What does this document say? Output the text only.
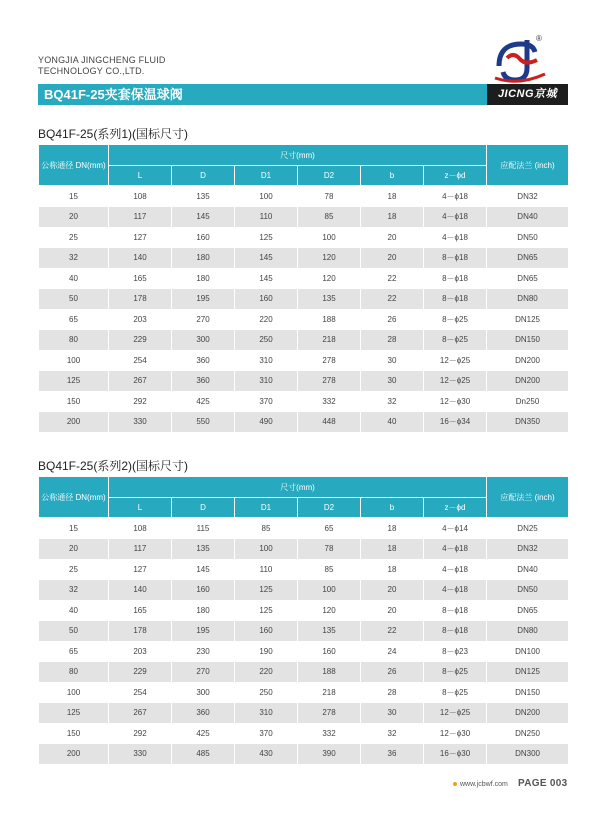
YONGJIA JINGCHENG FLUID
TECHNOLOGY CO.,LTD.
®
BQ41F-25夹套保温球阀	JICNG京城
BQ41F-25(系列1)(国标尺寸)
公称通径 DN(mm)	尺寸(mm)						应配法兰 (inch)
	L	D	D1	D2	b	z－ϕd	
15	108	135	100	78	18	4－ϕ18	DN32
20	117	145	110	85	18	4－ϕ18	DN40
25	127	160	125	100	20	4－ϕ18	DN50
32	140	180	145	120	20	8－ϕ18	DN65
40	165	180	145	120	22	8－ϕ18	DN65
50	178	195	160	135	22	8－ϕ18	DN80
65	203	270	220	188	26	8－ϕ25	DN125
80	229	300	250	218	28	8－ϕ25	DN150
100	254	360	310	278	30	12－ϕ25	DN200
125	267	360	310	278	30	12－ϕ25	DN200
150	292	425	370	332	32	12－ϕ30	Dn250
200	330	550	490	448	40	16－ϕ34	DN350
BQ41F-25(系列2)(国标尺寸)
公称通径 DN(mm)	尺寸(mm)						应配法兰 (inch)
	L	D	D1	D2	b	z－ϕd	
15	108	115	85	65	18	4－ϕ14	DN25
20	117	135	100	78	18	4－ϕ18	DN32
25	127	145	110	85	18	4－ϕ18	DN40
32	140	160	125	100	20	4－ϕ18	DN50
40	165	180	125	120	20	8－ϕ18	DN65
50	178	195	160	135	22	8－ϕ18	DN80
65	203	230	190	160	24	8－ϕ23	DN100
80	229	270	220	188	26	8－ϕ25	DN125
100	254	300	250	218	28	8－ϕ25	DN150
125	267	360	310	278	30	12－ϕ25	DN200
150	292	425	370	332	32	12－ϕ30	DN250
200	330	485	430	390	36	16－ϕ30	DN300
www.jcbwf.com PAGE 003
